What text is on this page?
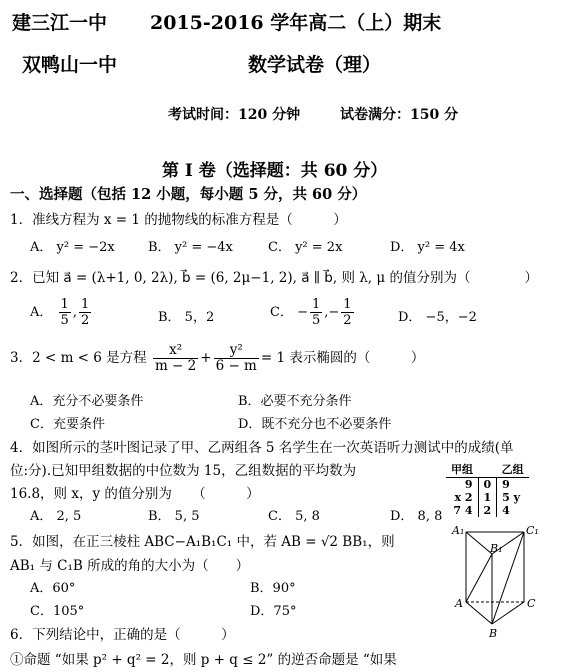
建三江一中 2015-2016 学年高二（上）期末
双鸭山一中	数学试卷（理）
考试时间：120 分钟	试卷满分：150 分
第 Ⅰ 卷（选择题：共 60 分）
一、选择题（包括 12 小题，每小题 5 分，共 60 分）
1．准线方程为 x = 1 的抛物线的标准方程是（　　　）
A． y² = −2x	B． y² = −4x	C． y² = 2x	D． y² = 4x
2．已知 a⃗ = (λ+1, 0, 2λ), b⃗ = (6, 2μ−1, 2), a⃗ ∥ b⃗, 则 λ, μ 的值分别为（　　　　）
A． $\frac{1}{5}$ , $\frac{1}{2}$	B． 5，2	C． − $\frac{1}{5}$ ,− $\frac{1}{2}$	D． −5，−2
3．2 < m < 6 是方程 $\frac{\text{x²}}{m - 2} + \frac{\text{y²}}{6 - m} = 1$ 表示椭圆的（　　　）
A．充分不必要条件	B．必要不充分条件
C．充要条件	D．既不充分也不必要条件
4．如图所示的茎叶图记录了甲、乙两组各 5 名学生在一次英语听力测试中的成绩(单
位:分).已知甲组数据的中位数为 15，乙组数据的平均数为
16.8，则 x，y 的值分别为　　（　　　）
A． 2, 5	B． 5, 5	C． 5, 8	D． 8, 8
甲组		乙组
9	0	9
x 2	1	5 y
7 4	2	4
5．如图，在正三棱柱 ABC−A₁B₁C₁ 中，若 AB = √2 BB₁，则
AB₁ 与 C₁B 所成的角的大小为（　　）
A．60°	B．90°
C．105°	D．75°
A₁	C₁
B₁
A	C
B
6．下列结论中，正确的是（　　　）
①命题 “如果 p² + q² = 2，则 p + q ≤ 2” 的逆否命题是 “如果
